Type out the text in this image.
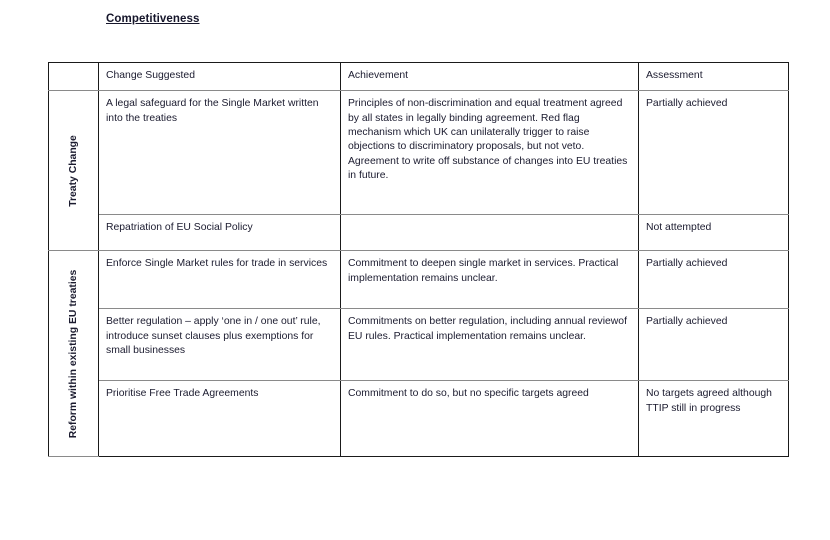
Competitiveness
	Change Suggested	Achievement	Assessment

Treaty Change	A legal safeguard for the Single Market written into the treaties	Principles of non-discrimination and equal treatment agreed by all states in legally binding agreement. Red flag mechanism which UK can unilaterally trigger to raise objections to discriminatory proposals, but not veto. Agreement to write off substance of changes into EU treaties in future.	Partially achieved
	Repatriation of EU Social Policy		Not attempted

Reform within existing EU treaties	Enforce Single Market rules for trade in services	Commitment to deepen single market in services. Practical implementation remains unclear.	Partially achieved
	Better regulation – apply ‘one in / one out’ rule, introduce sunset clauses plus exemptions for small businesses	Commitments on better regulation, including annual reviewof EU rules. Practical implementation remains unclear.	Partially achieved
	Prioritise Free Trade Agreements	Commitment to do so, but no specific targets agreed	No targets agreed although TTIP still in progress
